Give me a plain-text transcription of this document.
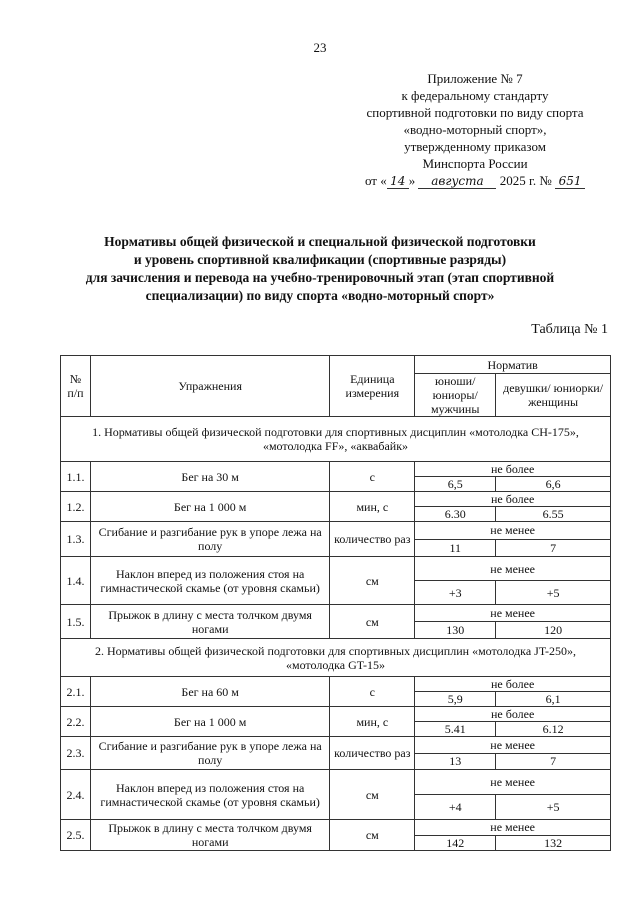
23
Приложение № 7
к федеральному стандарту
спортивной подготовки по виду спорта
«водно-моторный спорт»,
утвержденному приказом
Минспорта России
от « 14 » августа 2025 г. № 651
Нормативы общей физической и специальной физической подготовки
и уровень спортивной квалификации (спортивные разряды)
для зачисления и перевода на учебно-тренировочный этап (этап спортивной
специализации) по виду спорта «водно-моторный спорт»
Таблица № 1
№ п/п	Упражнения	Единица измерения	Норматив	
			юноши/ юниоры/ мужчины	девушки/ юниорки/ женщины
1. Нормативы общей физической подготовки для спортивных дисциплин «мотолодка СН-175», «мотолодка FF», «аквабайк»				
1.1.	Бег на 30 м	с	не более	
			6,5	6,6
1.2.	Бег на 1 000 м	мин, с	не более	
			6.30	6.55
1.3.	Сгибание и разгибание рук в упоре лежа на полу	количество раз	не менее	
			11	7
1.4.	Наклон вперед из положения стоя на гимнастической скамье (от уровня скамьи)	см	не менее	
			+3	+5
1.5.	Прыжок в длину с места толчком двумя ногами	см	не менее	
			130	120
2. Нормативы общей физической подготовки для спортивных дисциплин «мотолодка JT-250», «мотолодка GT-15»				
2.1.	Бег на 60 м	с	не более	
			5,9	6,1
2.2.	Бег на 1 000 м	мин, с	не более	
			5.41	6.12
2.3.	Сгибание и разгибание рук в упоре лежа на полу	количество раз	не менее	
			13	7
2.4.	Наклон вперед из положения стоя на гимнастической скамье (от уровня скамьи)	см	не менее	
			+4	+5
2.5.	Прыжок в длину с места толчком двумя ногами	см	не менее	
			142	132
